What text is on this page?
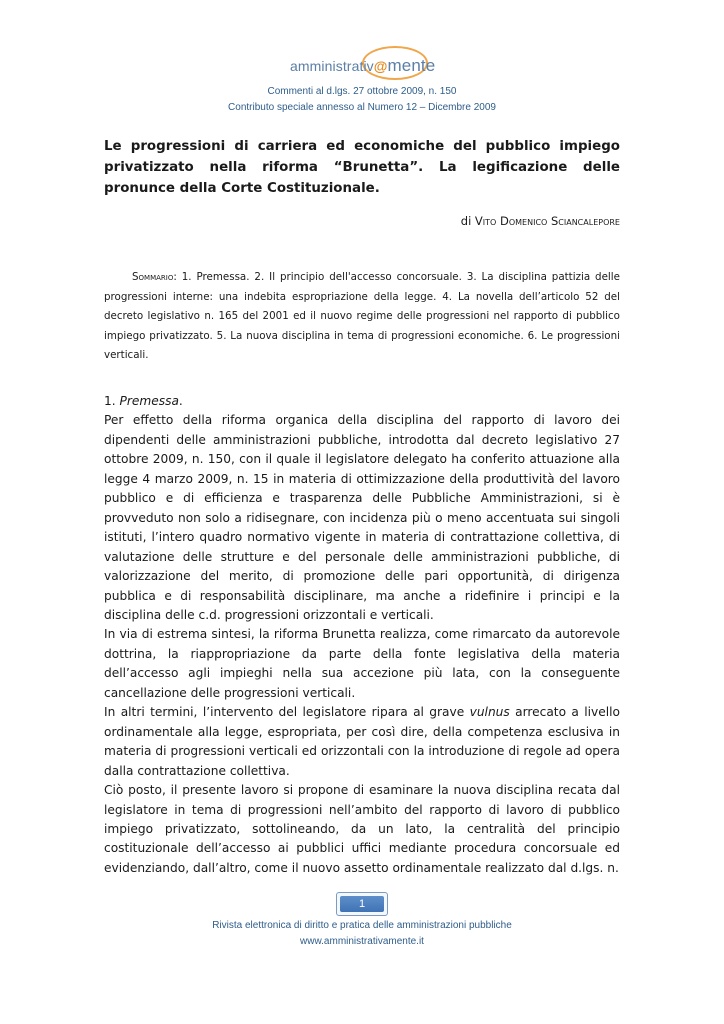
amministrativ@mente
Commenti al d.lgs. 27 ottobre 2009, n. 150
Contributo speciale annesso al Numero 12 – Dicembre 2009
Le progressioni di carriera ed economiche del pubblico impiego privatizzato nella riforma “Brunetta”. La legificazione delle pronunce della Corte Costituzionale.
di Vito Domenico Sciancalepore

Sommario: 1. Premessa. 2. Il principio dell'accesso concorsuale. 3. La disciplina pattizia delle progressioni interne: una indebita espropriazione della legge. 4. La novella dell’articolo 52 del decreto legislativo n. 165 del 2001 ed il nuovo regime delle progressioni nel rapporto di pubblico impiego privatizzato. 5. La nuova disciplina in tema di progressioni economiche. 6. Le progressioni verticali.

1. Premessa.

Per effetto della riforma organica della disciplina del rapporto di lavoro dei dipendenti delle amministrazioni pubbliche, introdotta dal decreto legislativo 27 ottobre 2009, n. 150, con il quale il legislatore delegato ha conferito attuazione alla legge 4 marzo 2009, n. 15 in materia di ottimizzazione della produttività del lavoro pubblico e di efficienza e trasparenza delle Pubbliche Amministrazioni, si è provveduto non solo a ridisegnare, con incidenza più o meno accentuata sui singoli istituti, l’intero quadro normativo vigente in materia di contrattazione collettiva, di valutazione delle strutture e del personale delle amministrazioni pubbliche, di valorizzazione del merito, di promozione delle pari opportunità, di dirigenza pubblica e di responsabilità disciplinare, ma anche a ridefinire i principi e la disciplina delle c.d. progressioni orizzontali e verticali.

In via di estrema sintesi, la riforma Brunetta realizza, come rimarcato da autorevole dottrina, la riappropriazione da parte della fonte legislativa della materia dell’accesso agli impieghi nella sua accezione più lata, con la conseguente cancellazione delle progressioni verticali.

In altri termini, l’intervento del legislatore ripara al grave vulnus arrecato a livello ordinamentale alla legge, espropriata, per così dire, della competenza esclusiva in materia di progressioni verticali ed orizzontali con la introduzione di regole ad opera dalla contrattazione collettiva.

Ciò posto, il presente lavoro si propone di esaminare la nuova disciplina recata dal legislatore in tema di progressioni nell’ambito del rapporto di lavoro di pubblico impiego privatizzato, sottolineando, da un lato, la centralità del principio costituzionale dell’accesso ai pubblici uffici mediante procedura concorsuale ed evidenziando, dall’altro, come il nuovo assetto ordinamentale realizzato dal d.lgs. n.

1
Rivista elettronica di diritto e pratica delle amministrazioni pubbliche
www.amministrativamente.it
